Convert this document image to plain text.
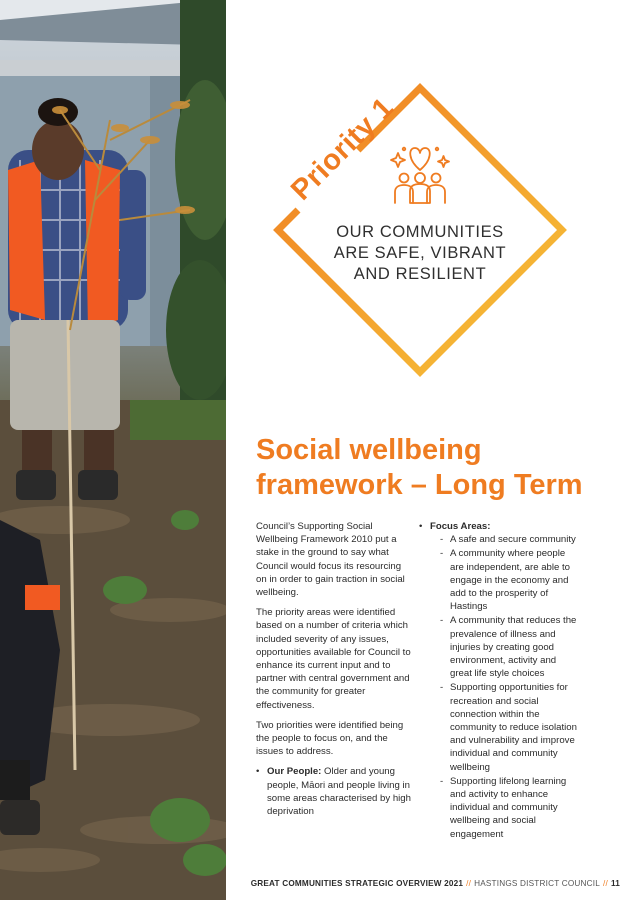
Priority 1
OUR COMMUNITIES
ARE SAFE, VIBRANT
AND RESILIENT
Social wellbeing
framework – Long Term

Council’s Supporting Social Wellbeing Framework 2010 put a stake in the ground to say what Council would focus its resourcing on in order to gain traction in social wellbeing.

The priority areas were identified based on a number of criteria which included severity of any issues, opportunities available for Council to enhance its current input and to partner with central government and the community for greater effectiveness.

Two priorities were identified being the people to focus on, and the issues to address.

• Our People: Older and young people, Māori and people living in some areas characterised by high deprivation
• Focus Areas:
- A safe and secure community
- A community where people are independent, are able to engage in the economy and add to the prosperity of Hastings
- A community that reduces the prevalence of illness and injuries by creating good environment, activity and great life style choices
- Supporting opportunities for recreation and social connection within the community to reduce isolation and vulnerability and improve individual and community wellbeing
- Supporting lifelong learning and activity to enhance individual and community wellbeing and social engagement
GREAT COMMUNITIES STRATEGIC OVERVIEW 2021 // HASTINGS DISTRICT COUNCIL // 11
